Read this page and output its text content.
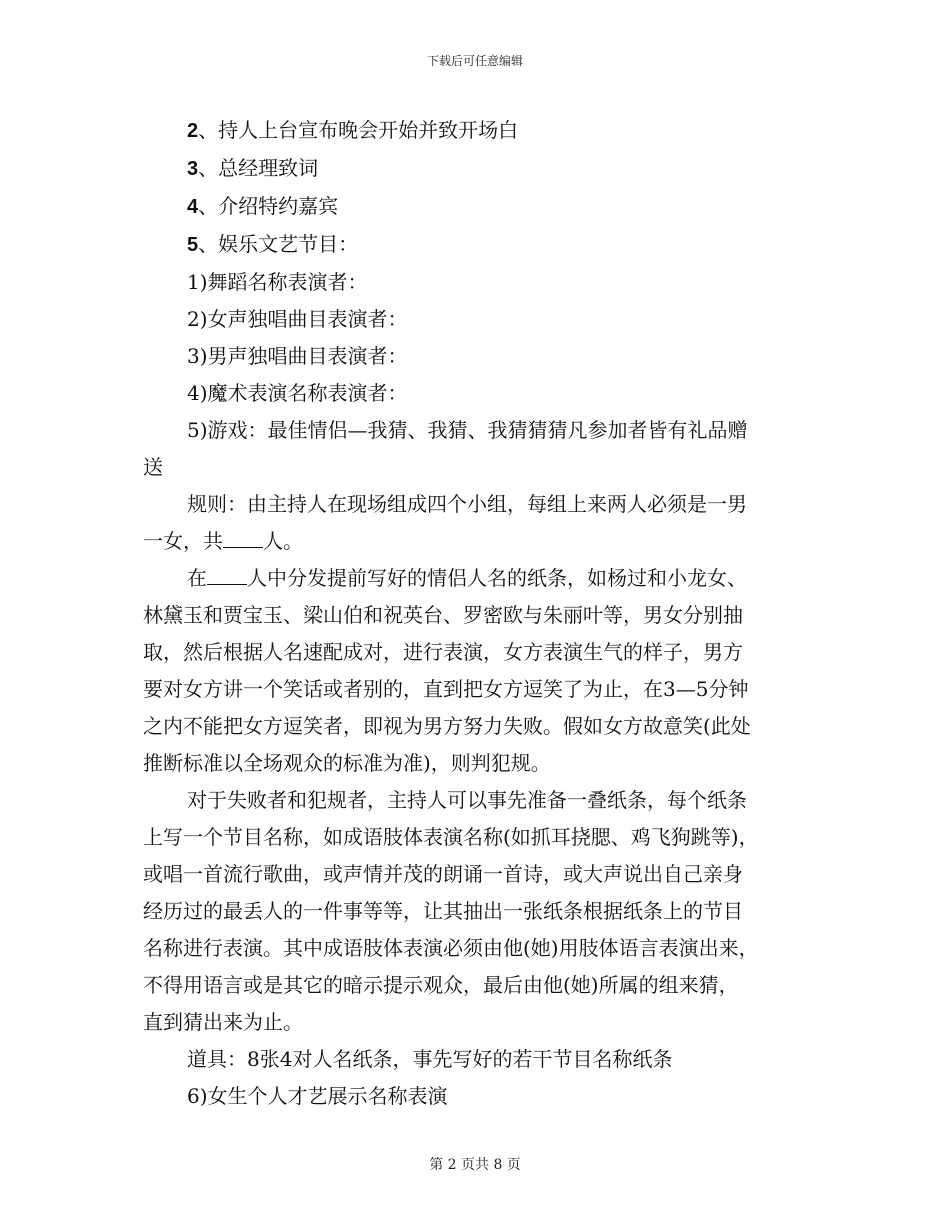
下载后可任意编辑

2、持人上台宣布晚会开始并致开场白

3、总经理致词

4、介绍特约嘉宾

5、娱乐文艺节目：

1)舞蹈名称表演者：

2)女声独唱曲目表演者：

3)男声独唱曲目表演者：

4)魔术表演名称表演者：

5)游戏：最佳情侣—我猜、我猜、我猜猜猜凡参加者皆有礼品赠

送

规则：由主持人在现场组成四个小组，每组上来两人必须是一男

一女，共 人。

在 人中分发提前写好的情侣人名的纸条，如杨过和小龙女、

林黛玉和贾宝玉、梁山伯和祝英台、罗密欧与朱丽叶等，男女分别抽

取，然后根据人名速配成对，进行表演，女方表演生气的样子，男方

要对女方讲一个笑话或者别的，直到把女方逗笑了为止，在3—5分钟

之内不能把女方逗笑者，即视为男方努力失败。假如女方故意笑(此处

推断标准以全场观众的标准为准)，则判犯规。

对于失败者和犯规者，主持人可以事先准备一叠纸条，每个纸条

上写一个节目名称，如成语肢体表演名称(如抓耳挠腮、鸡飞狗跳等)，

或唱一首流行歌曲，或声情并茂的朗诵一首诗，或大声说出自己亲身

经历过的最丢人的一件事等等，让其抽出一张纸条根据纸条上的节目

名称进行表演。其中成语肢体表演必须由他(她)用肢体语言表演出来，

不得用语言或是其它的暗示提示观众，最后由他(她)所属的组来猜，

直到猜出来为止。

道具：8张4对人名纸条，事先写好的若干节目名称纸条

6)女生个人才艺展示名称表演

第 2 页共 8 页
